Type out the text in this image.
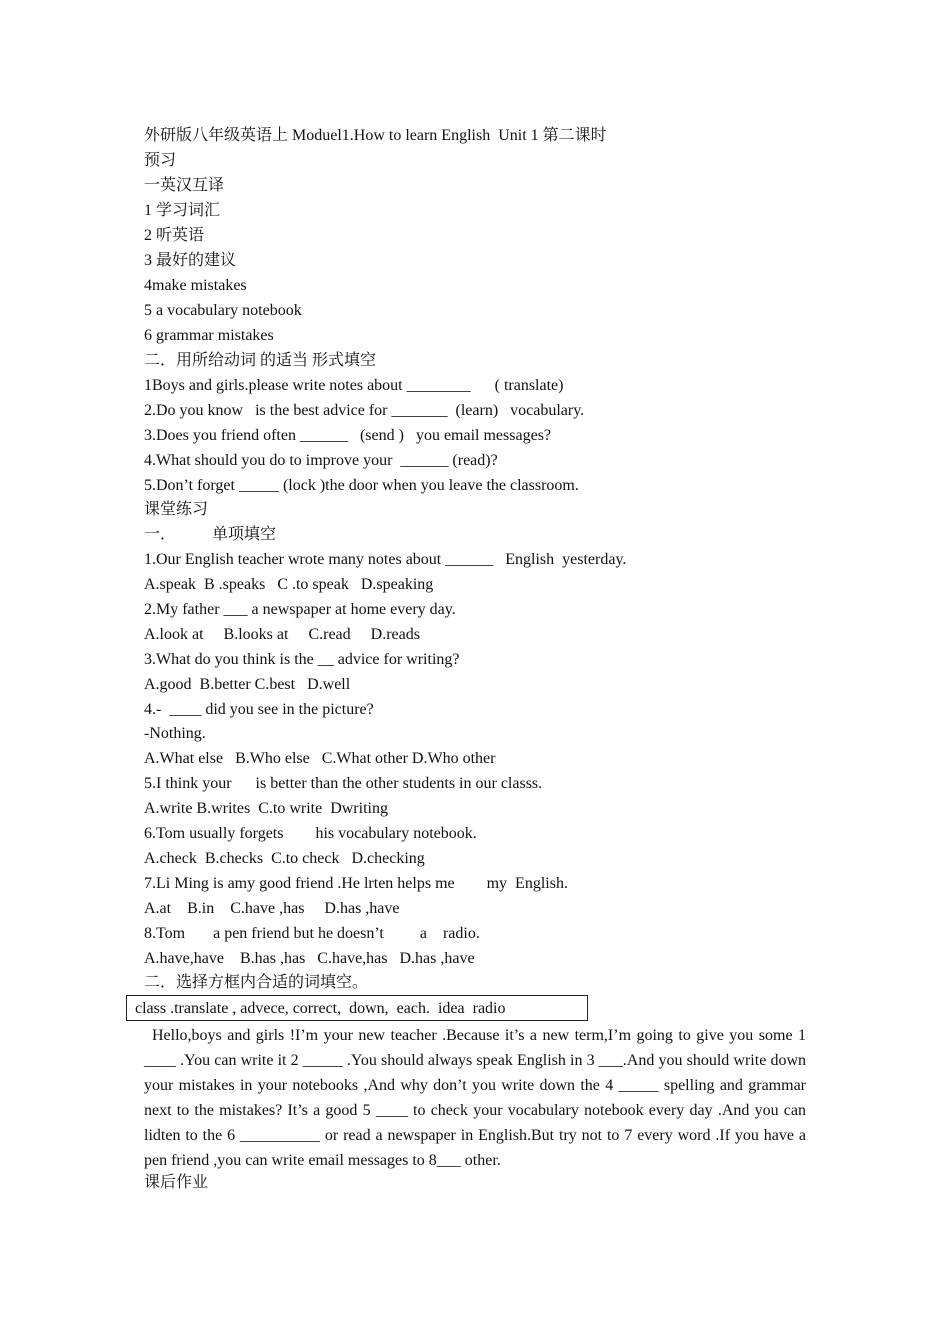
外研版八年级英语上 Moduel1.How to learn English  Unit 1 第二课时
预习
一英汉互译
1 学习词汇
2 听英语
3 最好的建议
4make mistakes
5 a vocabulary notebook
6 grammar mistakes
二．用所给动词 的适当 形式填空
1Boys and girls.please write notes about ________      ( translate)
2.Do you know   is the best advice for _______  (learn)   vocabulary.
3.Does you friend often ______   (send )   you email messages?
4.What should you do to improve your  ______ (read)?
5.Don’t forget _____ (lock )the door when you leave the classroom.
课堂练习
一．         单项填空
1.Our English teacher wrote many notes about ______   English  yesterday.
A.speak  B .speaks   C .to speak   D.speaking
2.My father ___ a newspaper at home every day.
A.look at     B.looks at     C.read     D.reads
3.What do you think is the __ advice for writing?
A.good  B.better C.best   D.well
4.-  ____ did you see in the picture?
-Nothing.
A.What else   B.Who else   C.What other D.Who other
5.I think your      is better than the other students in our classs.
A.write B.writes  C.to write  Dwriting
6.Tom usually forgets        his vocabulary notebook.
A.check  B.checks  C.to check   D.checking
7.Li Ming is amy good friend .He lrten helps me        my  English.
A.at    B.in    C.have ,has     D.has ,have
8.Tom       a pen friend but he doesn’t         a    radio.
A.have,have    B.has ,has   C.have,has   D.has ,have
二．选择方框内合适的词填空。
class .translate , advece, correct,  down,  each.  idea  radio
Hello,boys and girls !I’m your new teacher .Because it’s a new term,I’m going to give you some 1 ____ .You can write it 2 _____ .You should always speak English in 3 ___.And you should write down your mistakes in your notebooks ,And why don’t you write down the 4 _____ spelling and grammar next to the mistakes? It’s a good 5 ____ to check your vocabulary notebook every day .And you can lidten to the 6 __________ or read a newspaper in English.But try not to 7 every word .If you have a pen friend ,you can write email messages to 8___ other.
课后作业
